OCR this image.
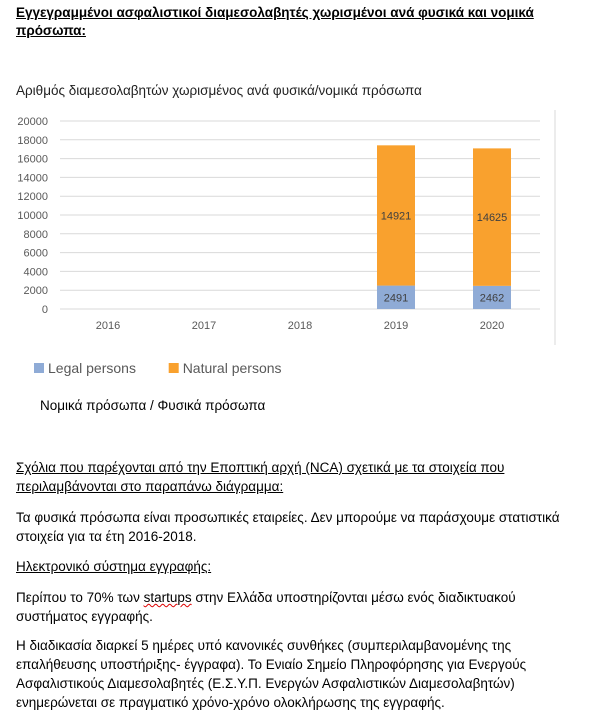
Εγγεγραμμένοι ασφαλιστικοί διαμεσολαβητές χωρισμένοι ανά φυσικά και νομικά πρόσωπα:
Αριθμός διαμεσολαβητών χωρισμένος ανά φυσικά/νομικά πρόσωπα
0
2000
4000
6000
8000
10000
12000
14000
16000
18000
20000
2016	2017	2018	2019
2491
14921
2020
2462
14625
Legal persons	Natural persons
Νομικά πρόσωπα / Φυσικά πρόσωπα
Σχόλια που παρέχονται από την Εποπτική αρχή (NCA) σχετικά με τα στοιχεία που περιλαμβάνονται στο παραπάνω διάγραμμα:
Τα φυσικά πρόσωπα είναι προσωπικές εταιρείες. Δεν μπορούμε να παράσχουμε στατιστικά στοιχεία για τα έτη 2016-2018.
Ηλεκτρονικό σύστημα εγγραφής:
Περίπου το 70% των startups στην Ελλάδα υποστηρίζονται μέσω ενός διαδικτυακού συστήματος εγγραφής.
Η διαδικασία διαρκεί 5 ημέρες υπό κανονικές συνθήκες (συμπεριλαμβανομένης της επαλήθευσης υποστήριξης- έγγραφα). Το Ενιαίο Σημείο Πληροφόρησης για Ενεργούς Ασφαλιστικούς Διαμεσολαβητές (Ε.Σ.Υ.Π. Ενεργών Ασφαλιστικών Διαμεσολαβητών) ενημερώνεται σε πραγματικό χρόνο-χρόνο ολοκλήρωσης της εγγραφής.
